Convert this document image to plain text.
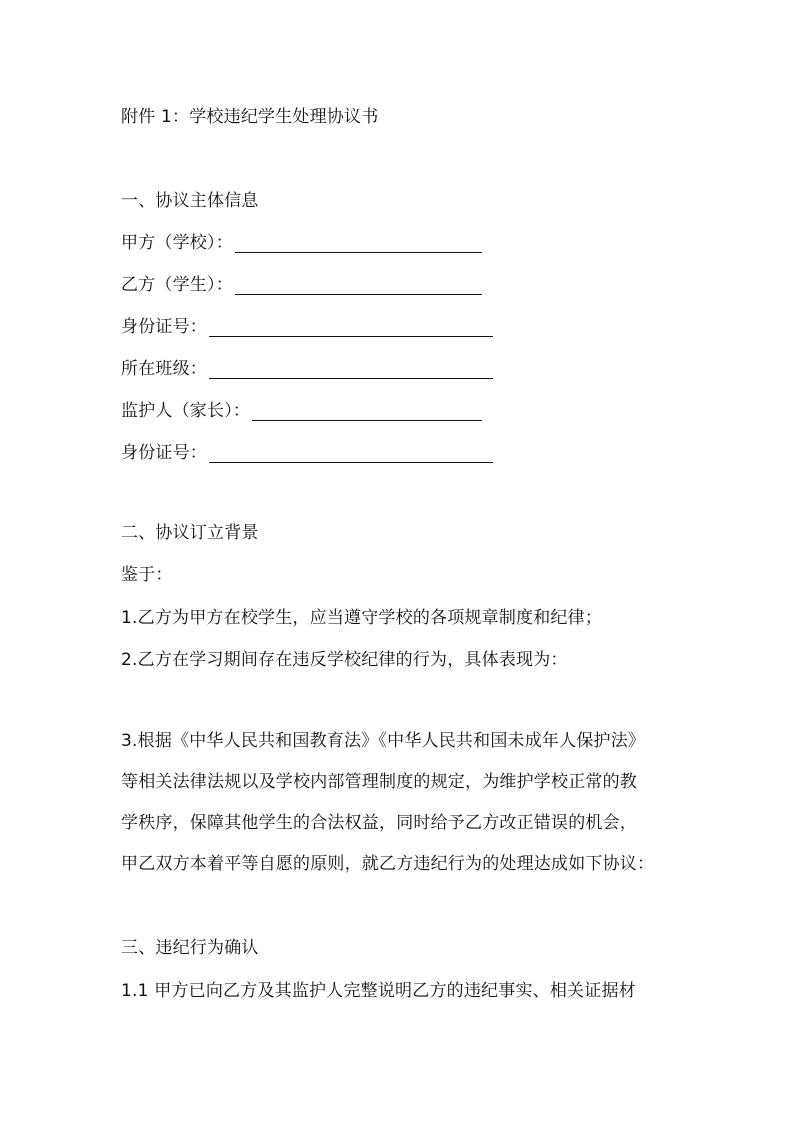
附件 1：学校违纪学生处理协议书
一、协议主体信息
甲方（学校）：
乙方（学生）：
身份证号：
所在班级：
监护人（家长）：
身份证号：
二、协议订立背景
鉴于：
1.乙方为甲方在校学生，应当遵守学校的各项规章制度和纪律；
2.乙方在学习期间存在违反学校纪律的行为，具体表现为：
3.根据《中华人民共和国教育法》《中华人民共和国未成年人保护法》
等相关法律法规以及学校内部管理制度的规定，为维护学校正常的教
学秩序，保障其他学生的合法权益，同时给予乙方改正错误的机会，
甲乙双方本着平等自愿的原则，就乙方违纪行为的处理达成如下协议：
三、违纪行为确认
1.1 甲方已向乙方及其监护人完整说明乙方的违纪事实、相关证据材
